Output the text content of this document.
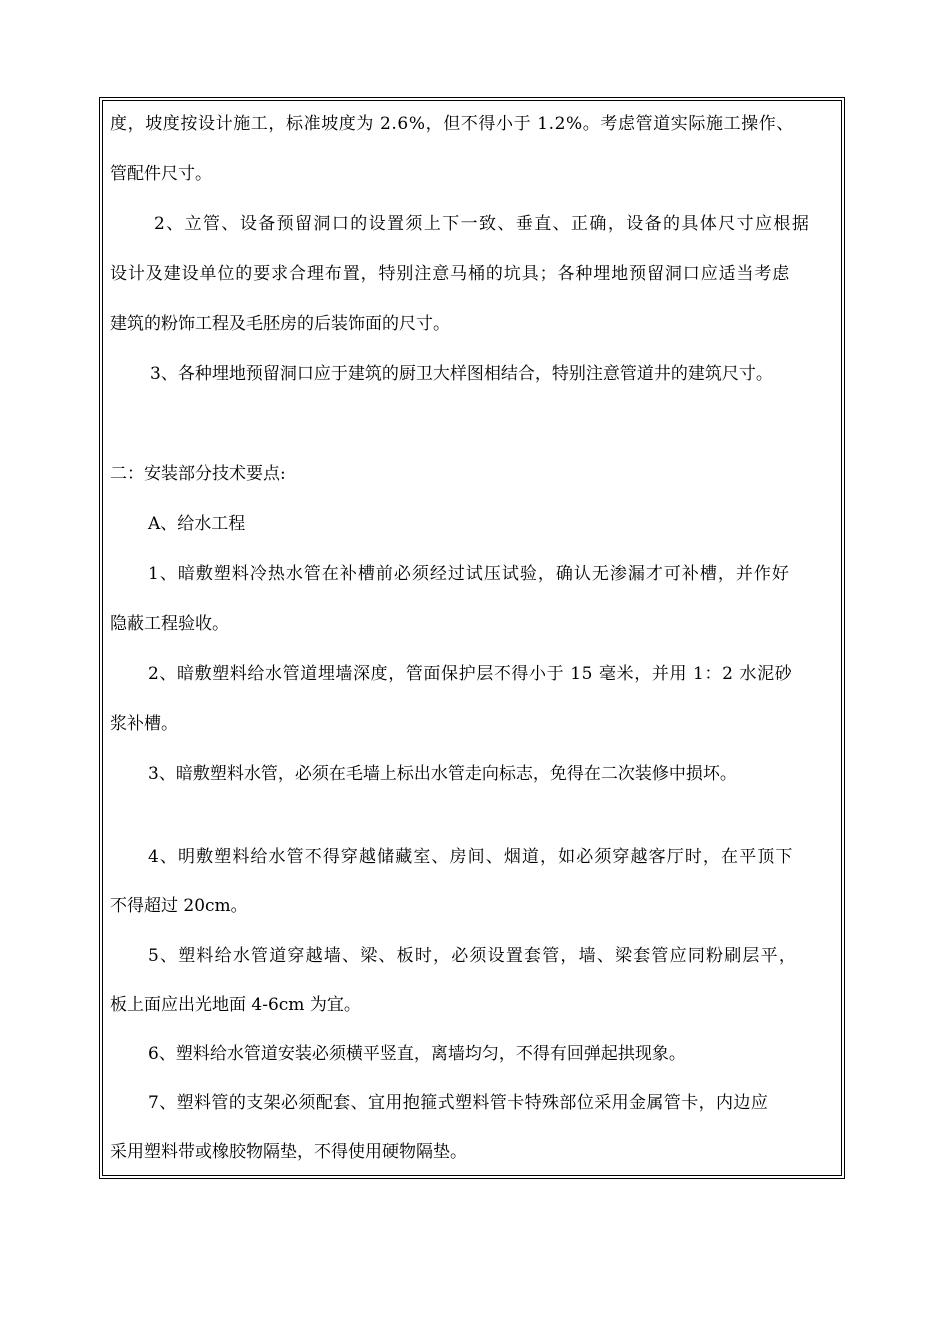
度，坡度按设计施工，标准坡度为 2.6%，但不得小于 1.2%。考虑管道实际施工操作、
管配件尺寸。
2、立管、设备预留洞口的设置须上下一致、垂直、正确，设备的具体尺寸应根据
设计及建设单位的要求合理布置，特别注意马桶的坑具；各种埋地预留洞口应适当考虑
建筑的粉饰工程及毛胚房的后装饰面的尺寸。
3、各种埋地预留洞口应于建筑的厨卫大样图相结合，特别注意管道井的建筑尺寸。
二：安装部分技术要点:
A、给水工程
1、暗敷塑料冷热水管在补槽前必须经过试压试验，确认无渗漏才可补槽，并作好
隐蔽工程验收。
2、暗敷塑料给水管道埋墙深度，管面保护层不得小于 15 毫米，并用 1：2 水泥砂
浆补槽。
3、暗敷塑料水管，必须在毛墙上标出水管走向标志，免得在二次装修中损坏。
4、明敷塑料给水管不得穿越储藏室、房间、烟道，如必须穿越客厅时，在平顶下
不得超过 20cm。
5、塑料给水管道穿越墙、梁、板时，必须设置套管，墙、梁套管应同粉刷层平，
板上面应出光地面 4-6cm 为宜。
6、塑料给水管道安装必须横平竖直，离墙均匀，不得有回弹起拱现象。
7、塑料管的支架必须配套、宜用抱箍式塑料管卡特殊部位采用金属管卡，内边应
采用塑料带或橡胶物隔垫，不得使用硬物隔垫。
